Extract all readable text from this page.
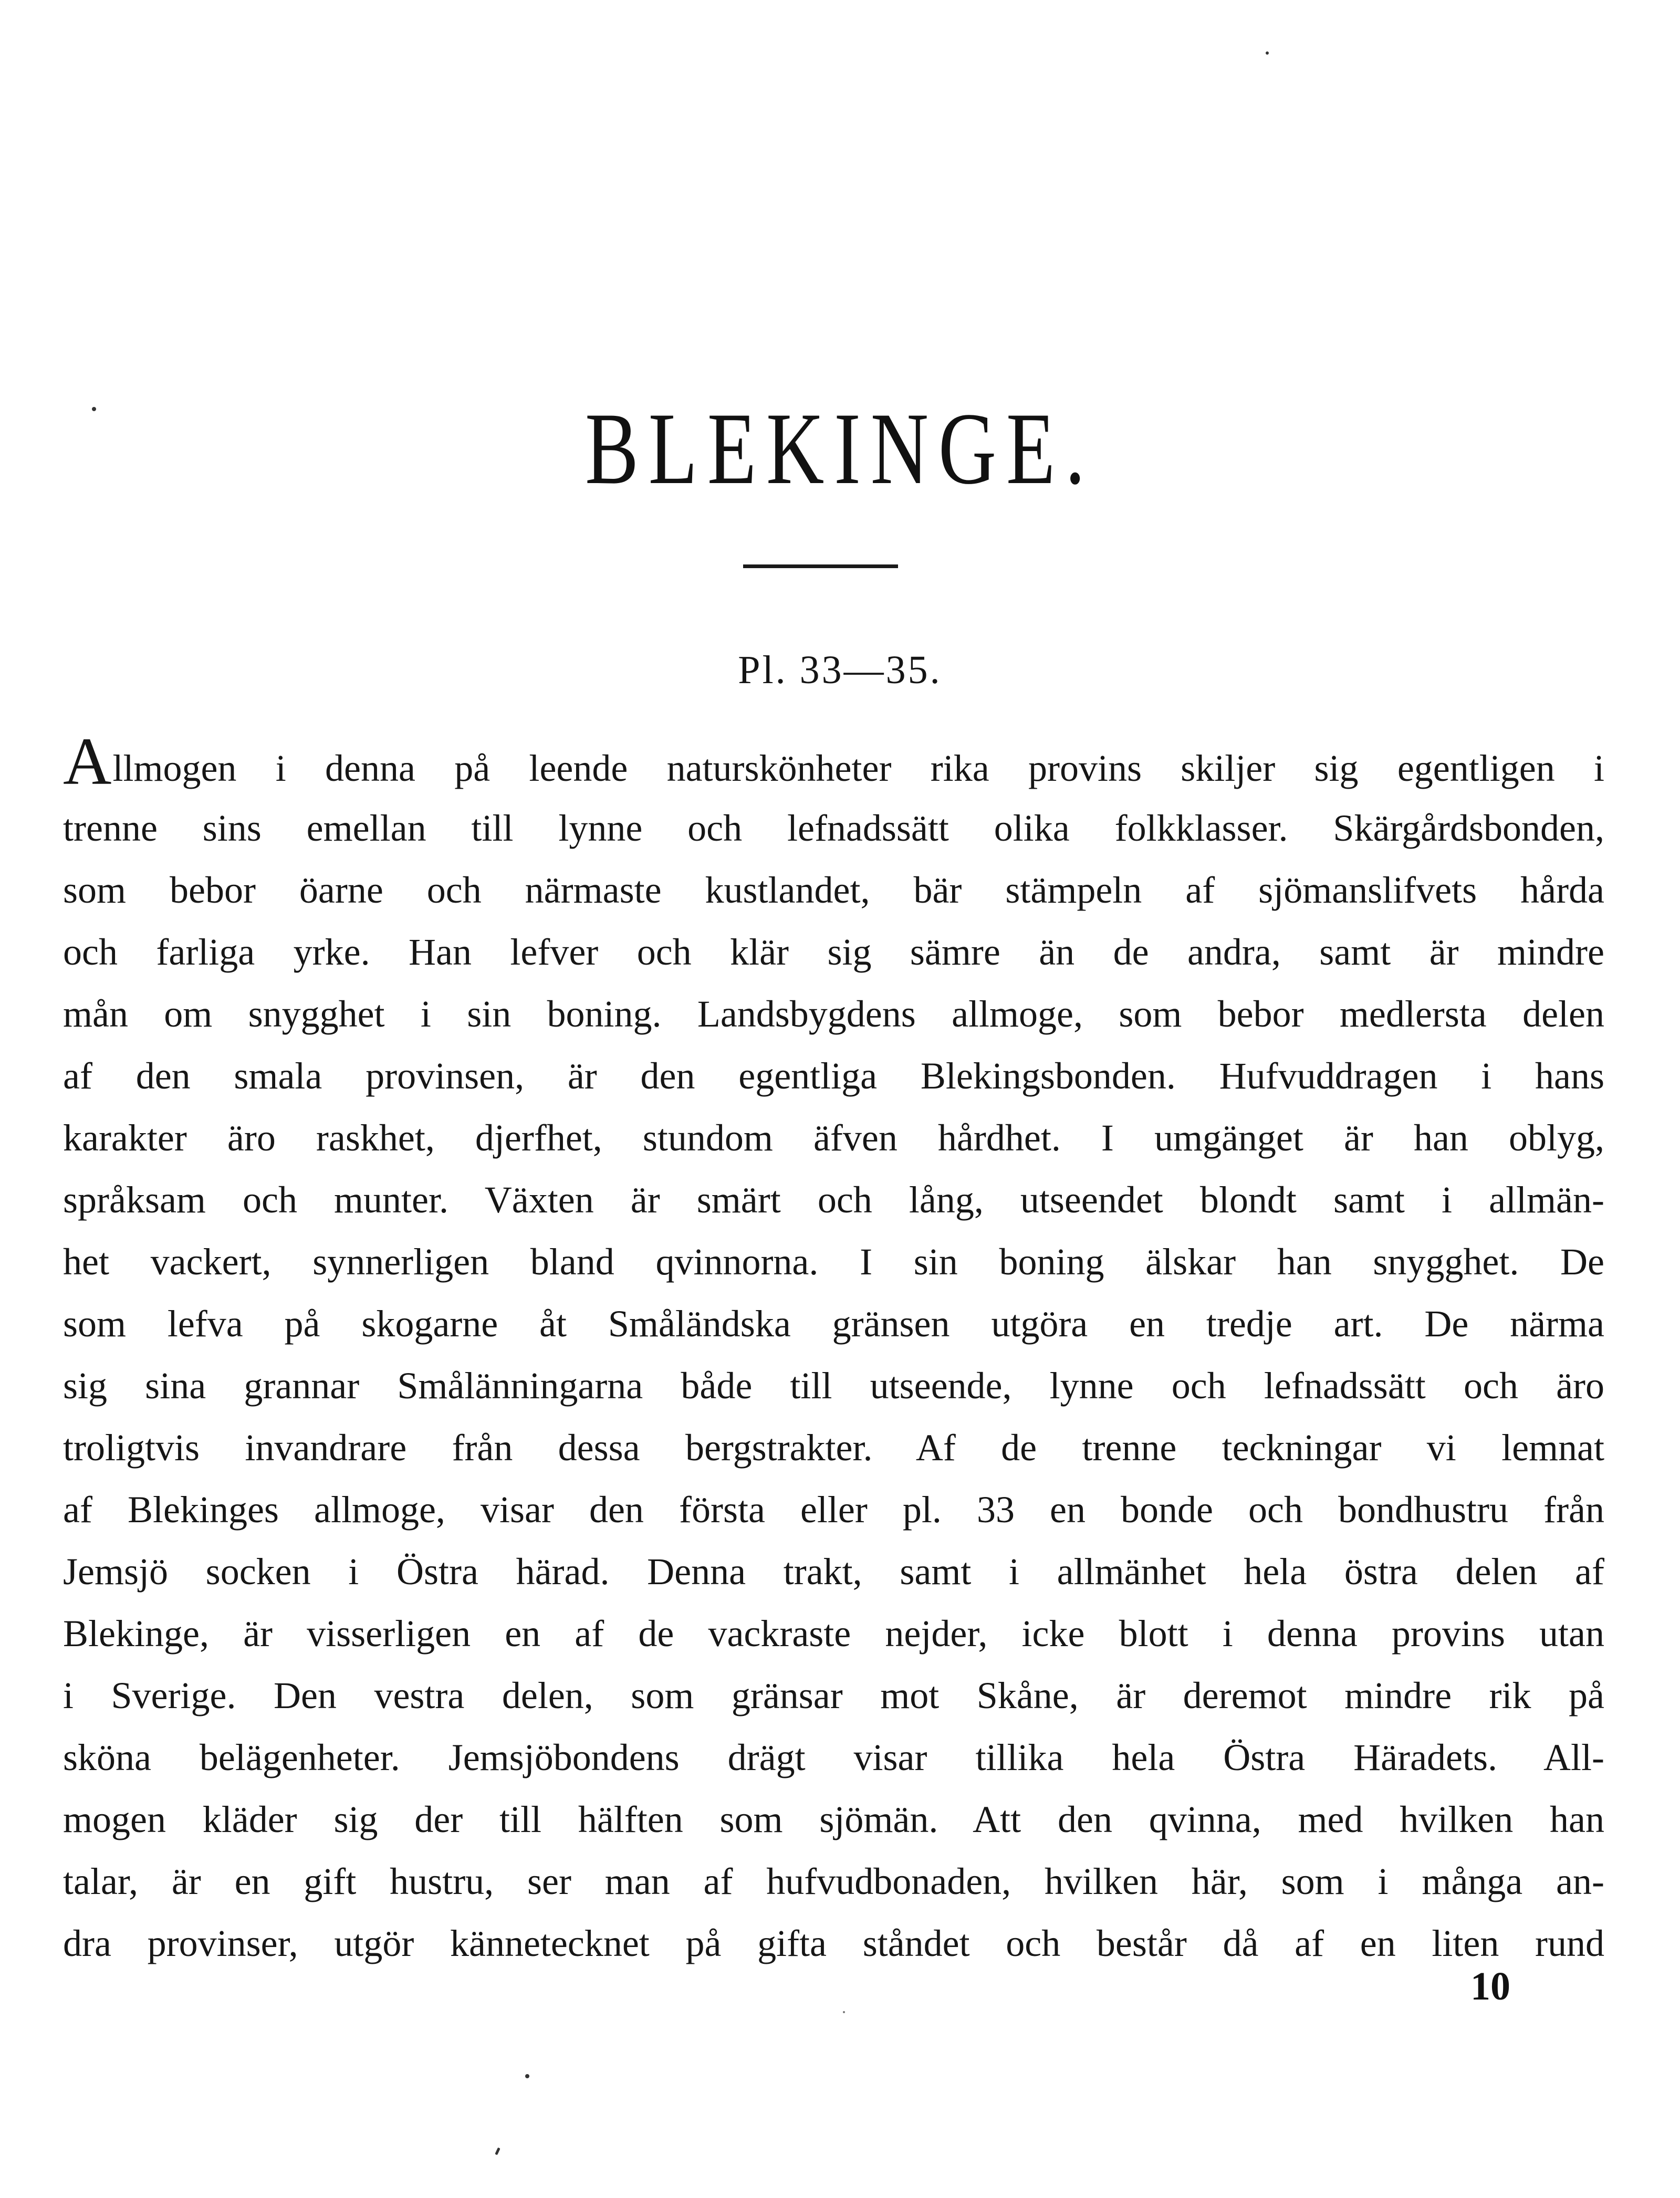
BLEKINGE.
Pl. 33—35.
Allmogen i denna på leende naturskönheter rika provins skiljer sig egentligen i
trenne sins emellan till lynne och lefnadssätt olika folkklasser. Skärgårdsbonden,
som bebor öarne och närmaste kustlandet, bär stämpeln af sjömanslifvets hårda
och farliga yrke. Han lefver och klär sig sämre än de andra, samt är mindre
mån om snygghet i sin boning. Landsbygdens allmoge, som bebor medlersta delen
af den smala provinsen, är den egentliga Blekingsbonden. Hufvuddragen i hans
karakter äro raskhet, djerfhet, stundom äfven hårdhet. I umgänget är han oblyg,
språksam och munter. Växten är smärt och lång, utseendet blondt samt i allmän-
het vackert, synnerligen bland qvinnorna. I sin boning älskar han snygghet. De
som lefva på skogarne åt Småländska gränsen utgöra en tredje art. De närma
sig sina grannar Smålänningarna både till utseende, lynne och lefnadssätt och äro
troligtvis invandrare från dessa bergstrakter. Af de trenne teckningar vi lemnat
af Blekinges allmoge, visar den första eller pl. 33 en bonde och bondhustru från
Jemsjö socken i Östra härad. Denna trakt, samt i allmänhet hela östra delen af
Blekinge, är visserligen en af de vackraste nejder, icke blott i denna provins utan
i Sverige. Den vestra delen, som gränsar mot Skåne, är deremot mindre rik på
sköna belägenheter. Jemsjöbondens drägt visar tillika hela Östra Häradets. All-
mogen kläder sig der till hälften som sjömän. Att den qvinna, med hvilken han
talar, är en gift hustru, ser man af hufvudbonaden, hvilken här, som i många an-
dra provinser, utgör kännetecknet på gifta ståndet och består då af en liten rund
10
